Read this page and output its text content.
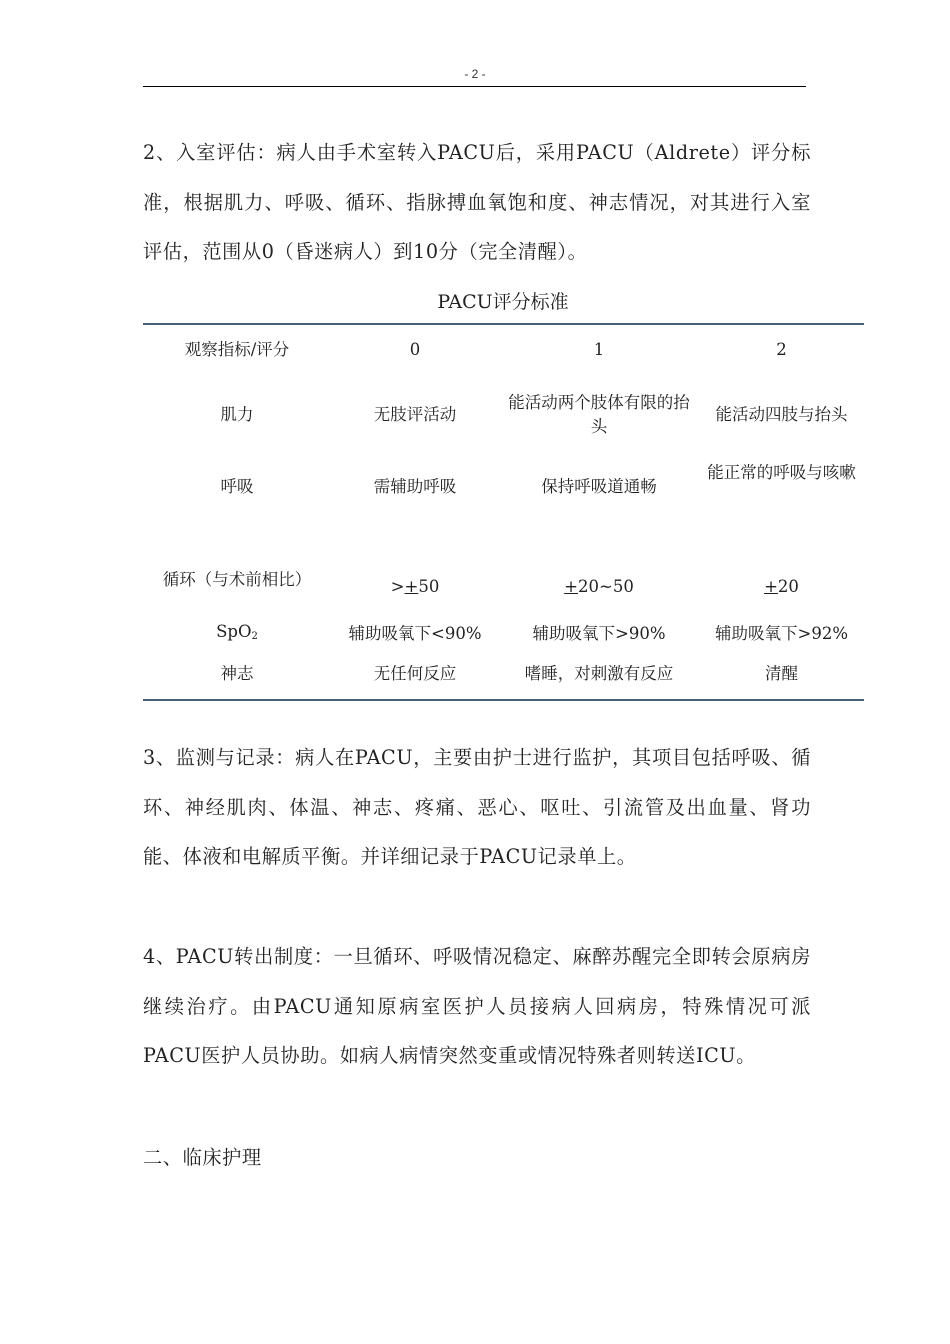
- 2 -

2、入室评估：病人由手术室转入PACU后，采用PACU（Aldrete）评分标准，根据肌力、呼吸、循环、指脉搏血氧饱和度、神志情况，对其进行入室评估，范围从0（昏迷病人）到10分（完全清醒）。

PACU评分标准
观察指标/评分	0	1	2
肌力	无肢评活动	能活动两个肢体有限的抬头	能活动四肢与抬头

呼吸	需辅助呼吸	保持呼吸道通畅	能正常的呼吸与咳嗽

循环（与术前相比）	>+50	+20~50	+20
SpO$_2$	辅助吸氧下<90%	辅助吸氧下>90%	辅助吸氧下>92%
神志	无任何反应	嗜睡，对刺激有反应	清醒

3、监测与记录：病人在PACU，主要由护士进行监护，其项目包括呼吸、循环、神经肌肉、体温、神志、疼痛、恶心、呕吐、引流管及出血量、肾功能、体液和电解质平衡。并详细记录于PACU记录单上。

4、PACU转出制度：一旦循环、呼吸情况稳定、麻醉苏醒完全即转会原病房继续治疗。由PACU通知原病室医护人员接病人回病房，特殊情况可派PACU医护人员协助。如病人病情突然变重或情况特殊者则转送ICU。

二、临床护理
